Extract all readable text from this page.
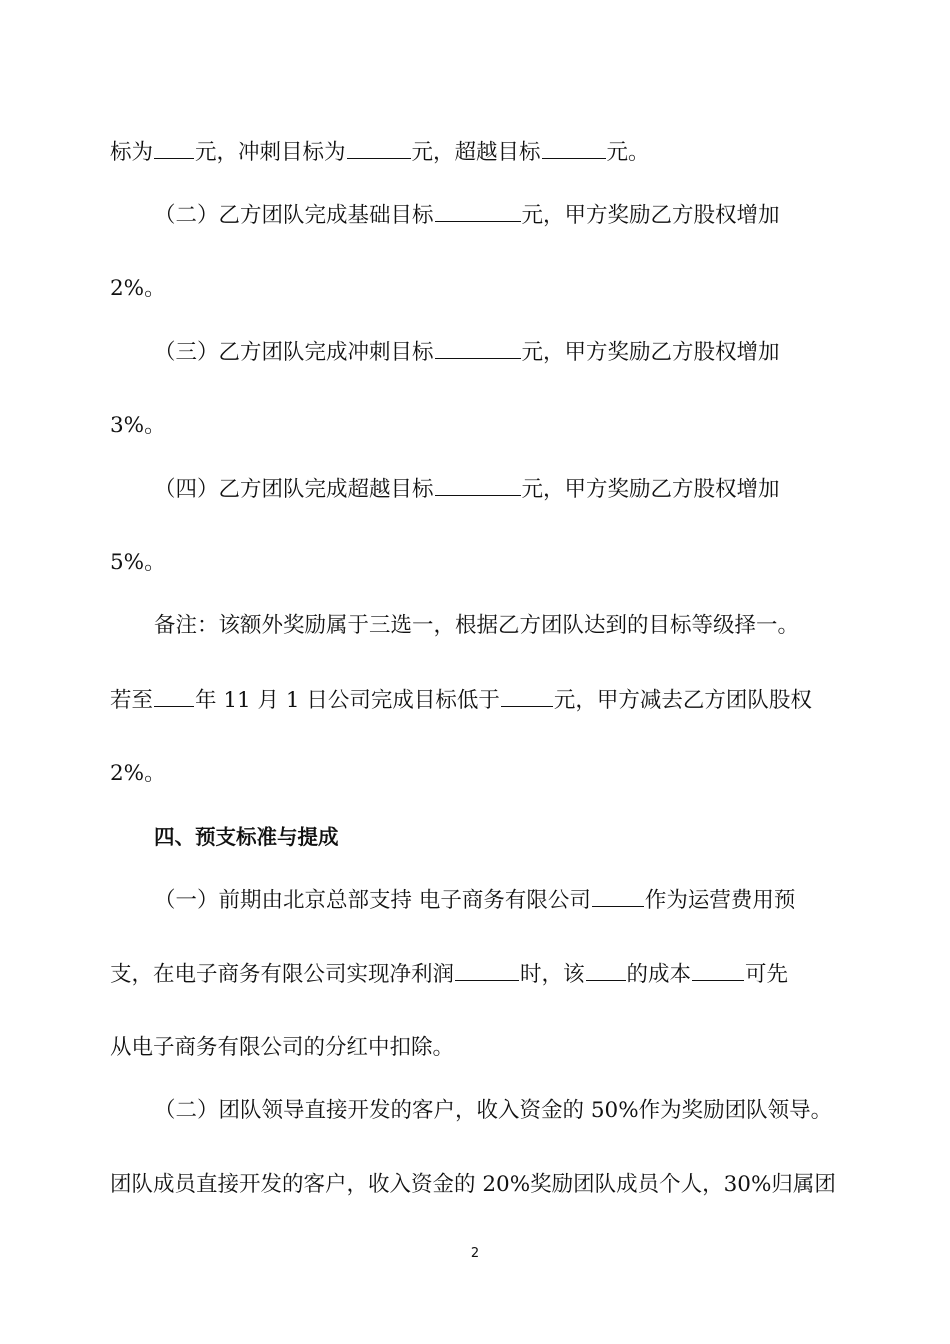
标为 元，冲刺目标为	元，超越目标	元。
（二）乙方团队完成基础目标	元，甲方奖励乙方股权增加
2%。
（三）乙方团队完成冲刺目标	元，甲方奖励乙方股权增加
3%。
（四）乙方团队完成超越目标	元，甲方奖励乙方股权增加
5%。
备注：该额外奖励属于三选一，根据乙方团队达到的目标等级择一。
若至 年 11 月 1 日公司完成目标低于	元，甲方减去乙方团队股权
2%。
四、预支标准与提成
（一）前期由北京总部支持 电子商务有限公司	作为运营费用预
支，在电子商务有限公司实现净利润	时，该 的成本	可先
从电子商务有限公司的分红中扣除。
（二）团队领导直接开发的客户，收入资金的 50%作为奖励团队领导。
团队成员直接开发的客户，收入资金的 20%奖励团队成员个人，30%归属团
2
